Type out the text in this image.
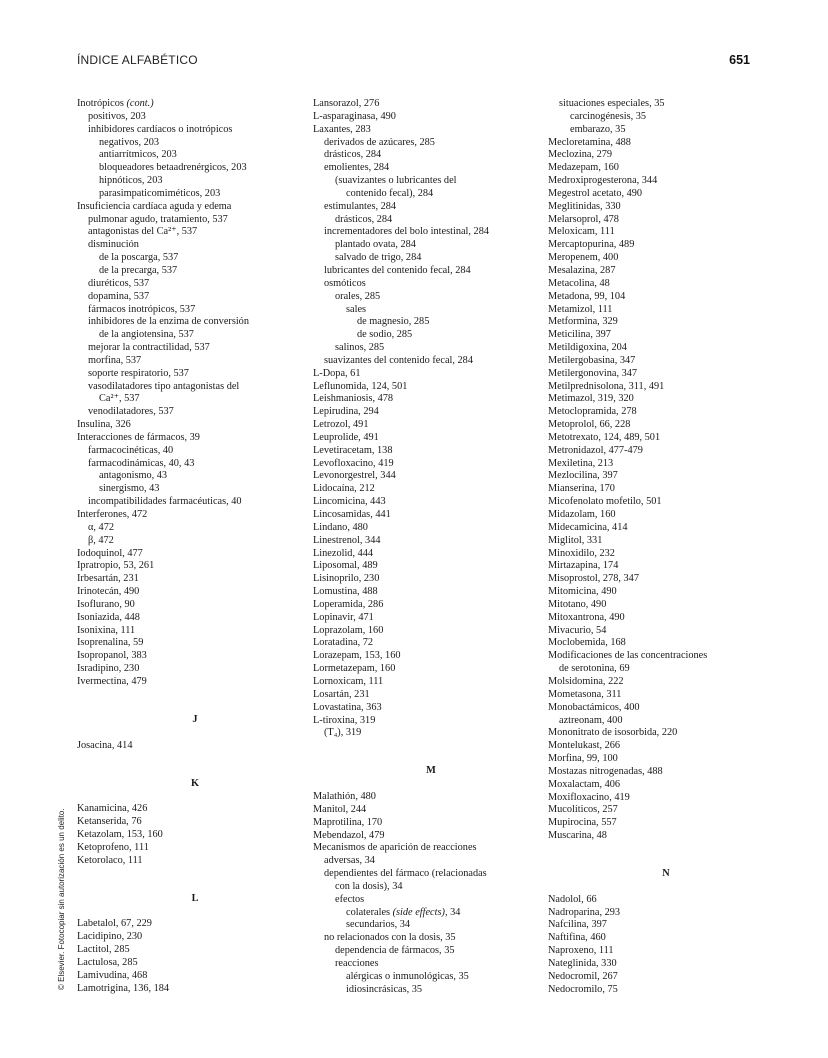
ÍNDICE ALFABÉTICO	651
Inotrópicos (cont.)
positivos, 203
inhibidores cardíacos o inotrópicos
negativos, 203
antiarrítmicos, 203
bloqueadores betaadrenérgicos, 203
hipnóticos, 203
parasimpaticomiméticos, 203
Insuficiencia cardíaca aguda y edema
pulmonar agudo, tratamiento, 537
antagonistas del Ca²⁺, 537
disminución
de la poscarga, 537
de la precarga, 537
diuréticos, 537
dopamina, 537
fármacos inotrópicos, 537
inhibidores de la enzima de conversión
de la angiotensina, 537
mejorar la contractilidad, 537
morfina, 537
soporte respiratorio, 537
vasodilatadores tipo antagonistas del
Ca²⁺, 537
venodilatadores, 537
Insulina, 326
Interacciones de fármacos, 39
farmacocinéticas, 40
farmacodinámicas, 40, 43
antagonismo, 43
sinergismo, 43
incompatibilidades farmacéuticas, 40
Interferones, 472
α, 472
β, 472
Iodoquinol, 477
Ipratropio, 53, 261
Irbesartán, 231
Irinotecán, 490
Isoflurano, 90
Isoniazida, 448
Isonixina, 111
Isoprenalina, 59
Isopropanol, 383
Isradipino, 230
Ivermectina, 479
J
Josacina, 414
K
Kanamicina, 426
Ketanserida, 76
Ketazolam, 153, 160
Ketoprofeno, 111
Ketorolaco, 111
L
Labetalol, 67, 229
Lacidipino, 230
Lactitol, 285
Lactulosa, 285
Lamivudina, 468
Lamotrigina, 136, 184
Lansorazol, 276
L-asparaginasa, 490
Laxantes, 283
derivados de azúcares, 285
drásticos, 284
emolientes, 284
(suavizantes o lubricantes del
contenido fecal), 284
estimulantes, 284
drásticos, 284
incrementadores del bolo intestinal, 284
plantado ovata, 284
salvado de trigo, 284
lubricantes del contenido fecal, 284
osmóticos
orales, 285
sales
de magnesio, 285
de sodio, 285
salinos, 285
suavizantes del contenido fecal, 284
L-Dopa, 61
Leflunomida, 124, 501
Leishmaniosis, 478
Lepirudina, 294
Letrozol, 491
Leuprolide, 491
Levetiracetam, 138
Levofloxacino, 419
Levonorgestrel, 344
Lidocaína, 212
Lincomicina, 443
Lincosamidas, 441
Lindano, 480
Linestrenol, 344
Linezolid, 444
Liposomal, 489
Lisinoprilo, 230
Lomustina, 488
Loperamida, 286
Lopinavir, 471
Loprazolam, 160
Loratadina, 72
Lorazepam, 153, 160
Lormetazepam, 160
Lornoxicam, 111
Losartán, 231
Lovastatina, 363
L-tiroxina, 319
(T₄), 319
M
Malathión, 480
Manitol, 244
Maprotilina, 170
Mebendazol, 479
Mecanismos de aparición de reacciones
adversas, 34
dependientes del fármaco (relacionadas
con la dosis), 34
efectos
colaterales (side effects), 34
secundarios, 34
no relacionados con la dosis, 35
dependencia de fármacos, 35
reacciones
alérgicas o inmunológicas, 35
idiosincrásicas, 35
situaciones especiales, 35
carcinogénesis, 35
embarazo, 35
Mecloretamina, 488
Meclozina, 279
Medazepam, 160
Medroxiprogesterona, 344
Megestrol acetato, 490
Meglitinidas, 330
Melarsoprol, 478
Meloxicam, 111
Mercaptopurina, 489
Meropenem, 400
Mesalazina, 287
Metacolina, 48
Metadona, 99, 104
Metamizol, 111
Metformina, 329
Meticilina, 397
Metildigoxina, 204
Metilergobasina, 347
Metilergonovina, 347
Metilprednisolona, 311, 491
Metimazol, 319, 320
Metoclopramida, 278
Metoprolol, 66, 228
Metotrexato, 124, 489, 501
Metronidazol, 477-479
Mexiletina, 213
Mezlocilina, 397
Mianserina, 170
Micofenolato mofetilo, 501
Midazolam, 160
Midecamicina, 414
Miglitol, 331
Minoxidilo, 232
Mirtazapina, 174
Misoprostol, 278, 347
Mitomicina, 490
Mitotano, 490
Mitoxantrona, 490
Mivacurio, 54
Moclobemida, 168
Modificaciones de las concentraciones
de serotonina, 69
Molsidomina, 222
Mometasona, 311
Monobactámicos, 400
aztreonam, 400
Mononitrato de isosorbida, 220
Montelukast, 266
Morfina, 99, 100
Mostazas nitrogenadas, 488
Moxalactam, 406
Moxifloxacino, 419
Mucolíticos, 257
Mupirocina, 557
Muscarina, 48
N
Nadolol, 66
Nadroparina, 293
Nafcilina, 397
Naftifina, 460
Naproxeno, 111
Nateglinida, 330
Nedocromil, 267
Nedocromilo, 75
© Elsevier. Fotocopiar sin autorización es un delito.
